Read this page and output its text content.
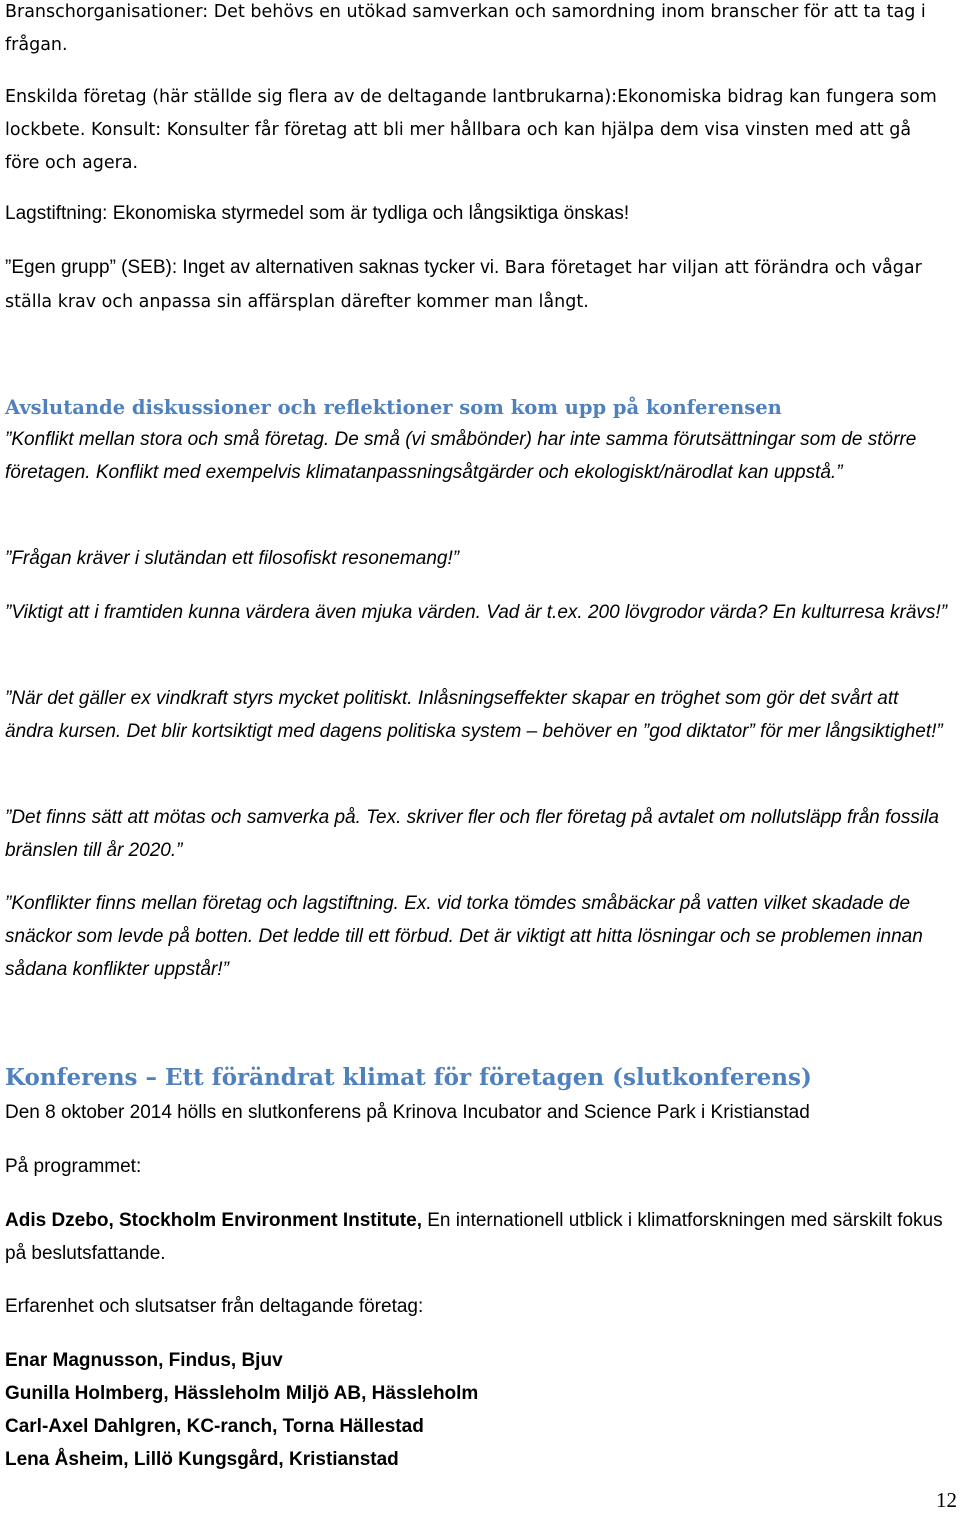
Branschorganisationer: Det behövs en utökad samverkan och samordning inom branscher för att ta tag i frågan.

Enskilda företag (här ställde sig flera av de deltagande lantbrukarna):Ekonomiska bidrag kan fungera som lockbete. Konsult: Konsulter får företag att bli mer hållbara och kan hjälpa dem visa vinsten med att gå före och agera.

Lagstiftning: Ekonomiska styrmedel som är tydliga och långsiktiga önskas!

”Egen grupp” (SEB): Inget av alternativen saknas tycker vi. Bara företaget har viljan att förändra och vågar ställa krav och anpassa sin affärsplan därefter kommer man långt.

Avslutande diskussioner och reflektioner som kom upp på konferensen

”Konflikt mellan stora och små företag. De små (vi småbönder) har inte samma förutsättningar som de större företagen. Konflikt med exempelvis klimatanpassningsåtgärder och ekologiskt/närodlat kan uppstå.”

”Frågan kräver i slutändan ett filosofiskt resonemang!”

”Viktigt att i framtiden kunna värdera även mjuka värden. Vad är t.ex. 200 lövgrodor värda? En kulturresa krävs!”

”När det gäller ex vindkraft styrs mycket politiskt. Inlåsningseffekter skapar en tröghet som gör det svårt att ändra kursen. Det blir kortsiktigt med dagens politiska system – behöver en ”god diktator” för mer långsiktighet!”

”Det finns sätt att mötas och samverka på. Tex. skriver fler och fler företag på avtalet om nollutsläpp från fossila bränslen till år 2020.”

”Konflikter finns mellan företag och lagstiftning. Ex. vid torka tömdes småbäckar på vatten vilket skadade de snäckor som levde på botten. Det ledde till ett förbud. Det är viktigt att hitta lösningar och se problemen innan sådana konflikter uppstår!”

Konferens – Ett förändrat klimat för företagen (slutkonferens)

Den 8 oktober 2014 hölls en slutkonferens på Krinova Incubator and Science Park i Kristianstad

På programmet:

Adis Dzebo, Stockholm Environment Institute, En internationell utblick i klimatforskningen med särskilt fokus på beslutsfattande.

Erfarenhet och slutsatser från deltagande företag:

Enar Magnusson, Findus, Bjuv
Gunilla Holmberg, Hässleholm Miljö AB, Hässleholm
Carl-Axel Dahlgren, KC-ranch, Torna Hällestad
Lena Åsheim, Lillö Kungsgård, Kristianstad
12
